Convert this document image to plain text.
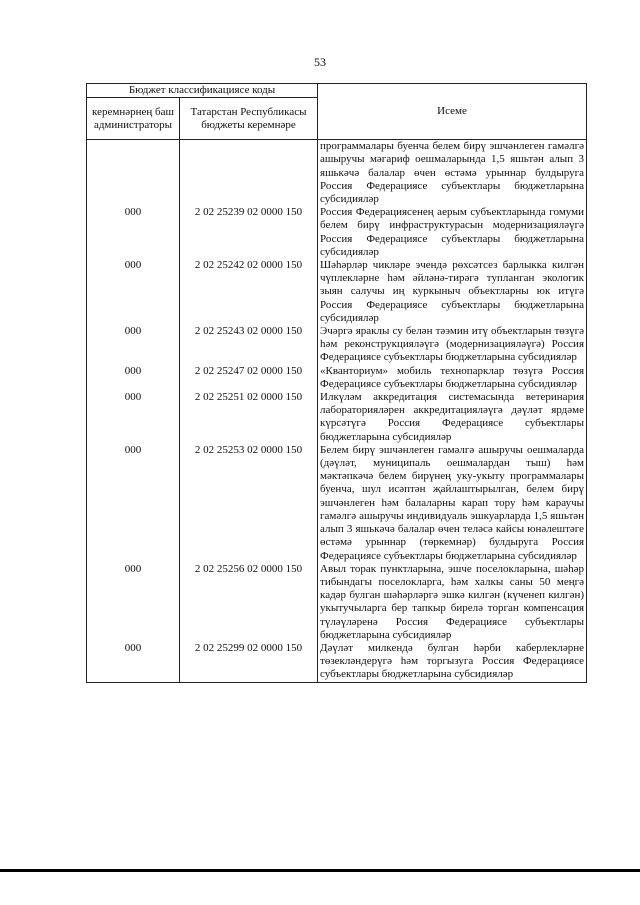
53
Бюджет классификациясе коды		Исеме
керемнәрнең баш администраторы	Татарстан Республикасы бюджеты керемнәре	
		программалары буенча белем бирү эшчәнлеген гамәлгә ашыручы мәгариф оешмаларында 1,5 яшьтән алып 3 яшькәчә балалар өчен өстәмә урыннар булдыруга Россия Федерациясе субъектлары бюджетларына субсидияләр
000	2 02 25239 02 0000 150	Россия Федерациясенең аерым субъектларында гомуми белем бирү инфраструктурасын модернизацияләүгә Россия Федерациясе субъектлары бюджетларына субсидияләр
000	2 02 25242 02 0000 150	Шәһәрләр чикләре эчендә рөхсәтсез барлыкка килгән чүплекләрне һәм әйләнә-тирәгә тупланган экологик зыян салучы иң куркыныч объектларны юк итүгә Россия Федерациясе субъектлары бюджетларына субсидияләр
000	2 02 25243 02 0000 150	Эчәргә яраклы су белән тәэмин итү объектларын төзүгә һәм реконструкцияләүгә (модернизацияләүгә) Россия Федерациясе субъектлары бюджетларына субсидияләр
000	2 02 25247 02 0000 150	«Кванториум» мобиль технопарклар төзүгә Россия Федерациясе субъектлары бюджетларына субсидияләр
000	2 02 25251 02 0000 150	Илкүләм аккредитация системасында ветеринария лабораторияләрен аккредитацияләүгә дәүләт ярдәме күрсәтүгә Россия Федерациясе субъектлары бюджетларына субсидияләр
000	2 02 25253 02 0000 150	Белем бирү эшчәнлеген гамәлгә ашыручы оешмаларда (дәүләт, муниципаль оешмалардан тыш) һәм мәктәпкәчә белем бирүнең уку-укыту программалары буенча, шул исәптән җайлаштырылган, белем бирү эшчәнлеген һәм балаларны карап тору һәм караучы гамәлгә ашыручы индивидуаль эшкуарларда 1,5 яшьтән алып 3 яшькәчә балалар өчен теләсә кайсы юнәлештәге өстәмә урыннар (төркемнәр) булдыруга Россия Федерациясе субъектлары бюджетларына субсидияләр
000	2 02 25256 02 0000 150	Авыл торак пунктларына, эшче поселокларына, шәһәр тибындагы поселокларга, һәм халкы саны 50 меңгә кадәр булган шәһәрләргә эшкә килгән (күченеп килгән) укытучыларга бер тапкыр бирелә торган компенсация түләүләренә Россия Федерациясе субъектлары бюджетларына субсидияләр
000	2 02 25299 02 0000 150	Дәүләт милкендә булган һәрби каберлекләрне төзекләндерүгә һәм торгызуга Россия Федерациясе субъектлары бюджетларына субсидияләр
